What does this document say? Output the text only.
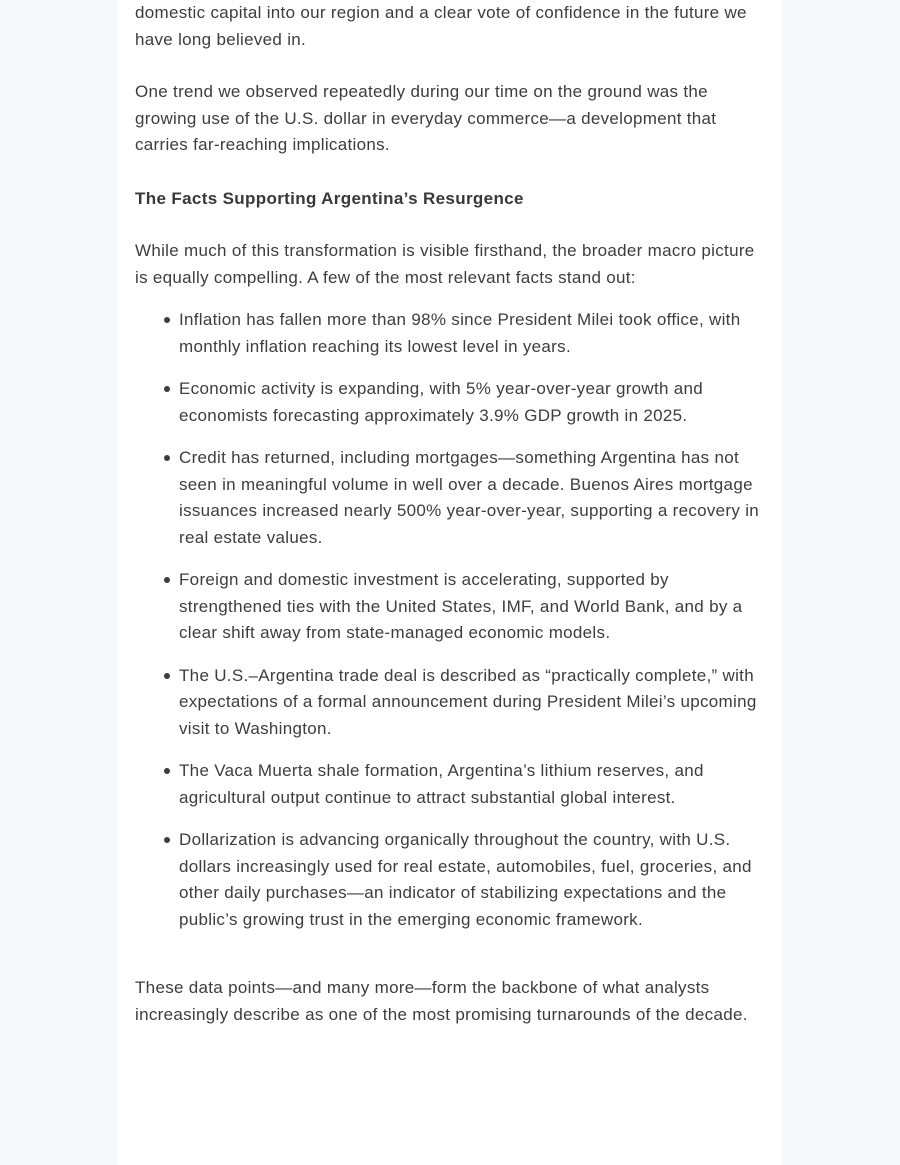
domestic capital into our region and a clear vote of confidence in the future we have long believed in.

One trend we observed repeatedly during our time on the ground was the growing use of the U.S. dollar in everyday commerce—a development that carries far-reaching implications.

The Facts Supporting Argentina’s Resurgence

While much of this transformation is visible firsthand, the broader macro picture is equally compelling. A few of the most relevant facts stand out:

Inflation has fallen more than 98% since President Milei took office, with monthly inflation reaching its lowest level in years.
Economic activity is expanding, with 5% year-over-year growth and economists forecasting approximately 3.9% GDP growth in 2025.
Credit has returned, including mortgages—something Argentina has not seen in meaningful volume in well over a decade. Buenos Aires mortgage issuances increased nearly 500% year-over-year, supporting a recovery in real estate values.
Foreign and domestic investment is accelerating, supported by strengthened ties with the United States, IMF, and World Bank, and by a clear shift away from state-managed economic models.
The U.S.–Argentina trade deal is described as “practically complete,” with expectations of a formal announcement during President Milei’s upcoming visit to Washington.
The Vaca Muerta shale formation, Argentina’s lithium reserves, and agricultural output continue to attract substantial global interest.
Dollarization is advancing organically throughout the country, with U.S. dollars increasingly used for real estate, automobiles, fuel, groceries, and other daily purchases—an indicator of stabilizing expectations and the public’s growing trust in the emerging economic framework.

These data points—and many more—form the backbone of what analysts increasingly describe as one of the most promising turnarounds of the decade.
